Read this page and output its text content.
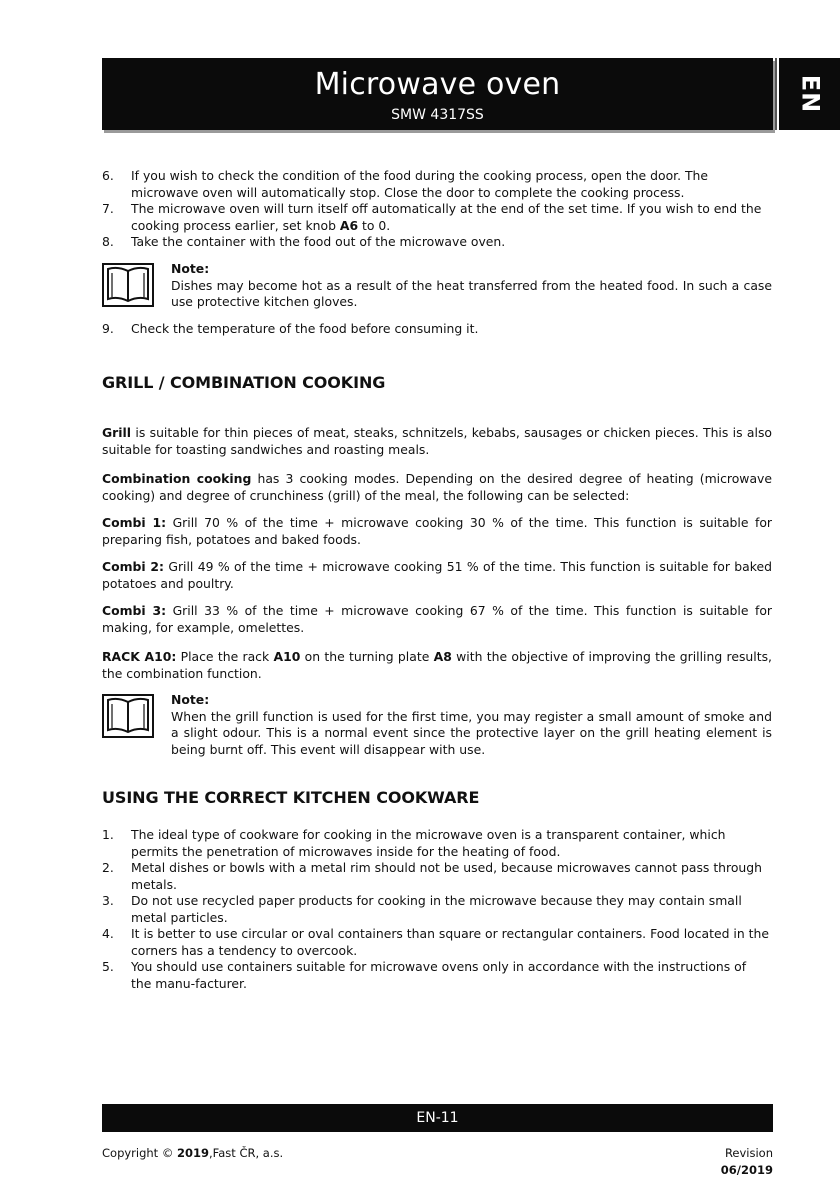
Microwave oven
SMW 4317SS
EN
6. If you wish to check the condition of the food during the cooking process, open the door. The microwave oven will automatically stop. Close the door to complete the cooking process.
7. The microwave oven will turn itself off automatically at the end of the set time. If you wish to end the cooking process earlier, set knob A6 to 0.
8. Take the container with the food out of the microwave oven.
Note:
Dishes may become hot as a result of the heat transferred from the heated food. In such a case use protective kitchen gloves.
9. Check the temperature of the food before consuming it.
GRILL / COMBINATION COOKING
Grill is suitable for thin pieces of meat, steaks, schnitzels, kebabs, sausages or chicken pieces. This is also suitable for toasting sandwiches and roasting meals.
Combination cooking has 3 cooking modes. Depending on the desired degree of heating (microwave cooking) and degree of crunchiness (grill) of the meal, the following can be selected:
Combi 1: Grill 70 % of the time + microwave cooking 30 % of the time. This function is suitable for preparing fish, potatoes and baked foods.
Combi 2: Grill 49 % of the time + microwave cooking 51 % of the time. This function is suitable for baked potatoes and poultry.
Combi 3: Grill 33 % of the time + microwave cooking 67 % of the time. This function is suitable for making, for example, omelettes.
RACK A10: Place the rack A10 on the turning plate A8 with the objective of improving the grilling results, the combination function.
Note:
When the grill function is used for the first time, you may register a small amount of smoke and a slight odour. This is a normal event since the protective layer on the grill heating element is being burnt off. This event will disappear with use.
USING THE CORRECT KITCHEN COOKWARE
1. The ideal type of cookware for cooking in the microwave oven is a transparent container, which permits the penetration of microwaves inside for the heating of food.
2. Metal dishes or bowls with a metal rim should not be used, because microwaves cannot pass through metals.
3. Do not use recycled paper products for cooking in the microwave because they may contain small metal particles.
4. It is better to use circular or oval containers than square or rectangular containers. Food located in the corners has a tendency to overcook.
5. You should use containers suitable for microwave ovens only in accordance with the instructions of the manu-facturer.
EN-11
Copyright © 2019,Fast ČR, a.s.	Revision 06/2019
